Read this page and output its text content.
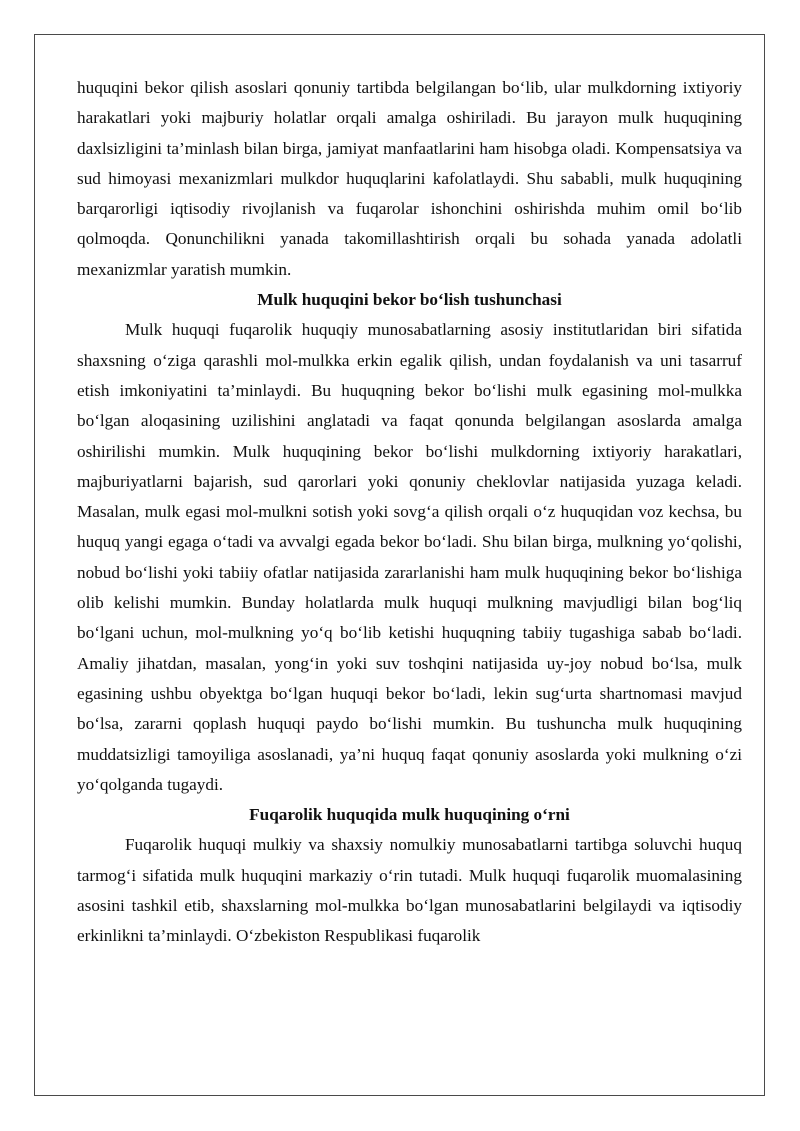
huquqini bekor qilish asoslari qonuniy tartibda belgilangan bo‘lib, ular mulkdorning ixtiyoriy harakatlari yoki majburiy holatlar orqali amalga oshiriladi. Bu jarayon mulk huquqining daxlsizligini ta’minlash bilan birga, jamiyat manfaatlarini ham hisobga oladi. Kompensatsiya va sud himoyasi mexanizmlari mulkdor huquqlarini kafolatlaydi. Shu sababli, mulk huquqining barqarorligi iqtisodiy rivojlanish va fuqarolar ishonchini oshirishda muhim omil bo‘lib qolmoqda. Qonunchilikni yanada takomillashtirish orqali bu sohada yanada adolatli mexanizmlar yaratish mumkin.

Mulk huquqini bekor bo‘lish tushunchasi

Mulk huquqi fuqarolik huquqiy munosabatlarning asosiy institutlaridan biri sifatida shaxsning o‘ziga qarashli mol-mulkka erkin egalik qilish, undan foydalanish va uni tasarruf etish imkoniyatini ta’minlaydi. Bu huquqning bekor bo‘lishi mulk egasining mol-mulkka bo‘lgan aloqasining uzilishini anglatadi va faqat qonunda belgilangan asoslarda amalga oshirilishi mumkin. Mulk huquqining bekor bo‘lishi mulkdorning ixtiyoriy harakatlari, majburiyatlarni bajarish, sud qarorlari yoki qonuniy cheklovlar natijasida yuzaga keladi. Masalan, mulk egasi mol-mulkni sotish yoki sovg‘a qilish orqali o‘z huquqidan voz kechsa, bu huquq yangi egaga o‘tadi va avvalgi egada bekor bo‘ladi. Shu bilan birga, mulkning yo‘qolishi, nobud bo‘lishi yoki tabiiy ofatlar natijasida zararlanishi ham mulk huquqining bekor bo‘lishiga olib kelishi mumkin. Bunday holatlarda mulk huquqi mulkning mavjudligi bilan bog‘liq bo‘lgani uchun, mol-mulkning yo‘q bo‘lib ketishi huquqning tabiiy tugashiga sabab bo‘ladi. Amaliy jihatdan, masalan, yong‘in yoki suv toshqini natijasida uy-joy nobud bo‘lsa, mulk egasining ushbu obyektga bo‘lgan huquqi bekor bo‘ladi, lekin sug‘urta shartnomasi mavjud bo‘lsa, zararni qoplash huquqi paydo bo‘lishi mumkin. Bu tushuncha mulk huquqining muddatsizligi tamoyiliga asoslanadi, ya’ni huquq faqat qonuniy asoslarda yoki mulkning o‘zi yo‘qolganda tugaydi.

Fuqarolik huquqida mulk huquqining o‘rni

Fuqarolik huquqi mulkiy va shaxsiy nomulkiy munosabatlarni tartibga soluvchi huquq tarmog‘i sifatida mulk huquqini markaziy o‘rin tutadi. Mulk huquqi fuqarolik muomalasining asosini tashkil etib, shaxslarning mol-mulkka bo‘lgan munosabatlarini belgilaydi va iqtisodiy erkinlikni ta’minlaydi. O‘zbekiston Respublikasi fuqarolik
